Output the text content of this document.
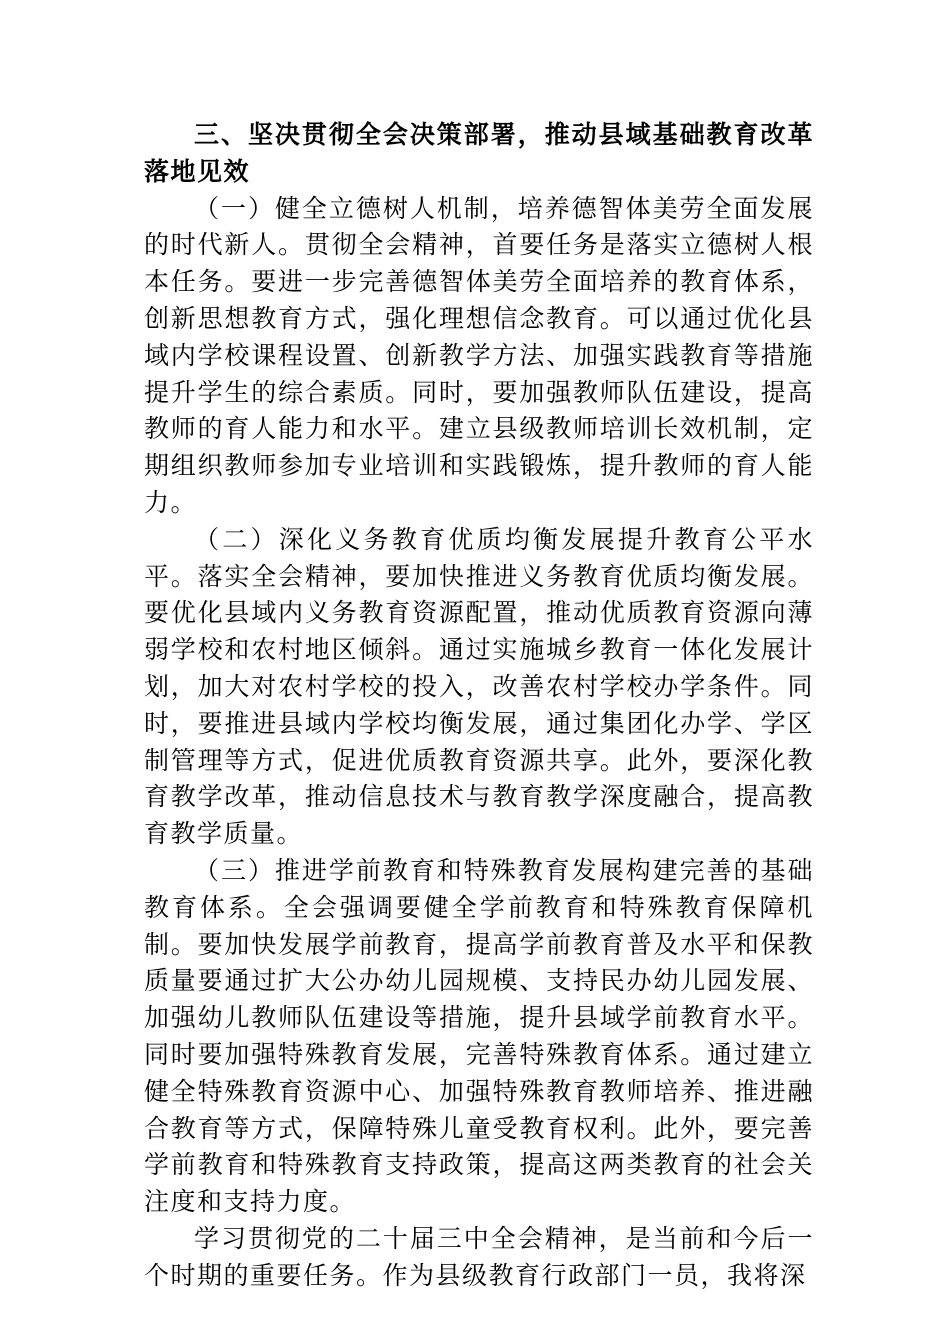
三、坚决贯彻全会决策部署，推动县域基础教育改革落地见效

（一）健全立德树人机制，培养德智体美劳全面发展的时代新人。贯彻全会精神，首要任务是落实立德树人根本任务。要进一步完善德智体美劳全面培养的教育体系，创新思想教育方式，强化理想信念教育。可以通过优化县域内学校课程设置、创新教学方法、加强实践教育等措施提升学生的综合素质。同时，要加强教师队伍建设，提高教师的育人能力和水平。建立县级教师培训长效机制，定期组织教师参加专业培训和实践锻炼，提升教师的育人能力。

（二）深化义务教育优质均衡发展提升教育公平水平。落实全会精神，要加快推进义务教育优质均衡发展。要优化县域内义务教育资源配置，推动优质教育资源向薄弱学校和农村地区倾斜。通过实施城乡教育一体化发展计划，加大对农村学校的投入，改善农村学校办学条件。同时，要推进县域内学校均衡发展，通过集团化办学、学区制管理等方式，促进优质教育资源共享。此外，要深化教育教学改革，推动信息技术与教育教学深度融合，提高教育教学质量。

（三）推进学前教育和特殊教育发展构建完善的基础教育体系。全会强调要健全学前教育和特殊教育保障机制。要加快发展学前教育，提高学前教育普及水平和保教质量要通过扩大公办幼儿园规模、支持民办幼儿园发展、加强幼儿教师队伍建设等措施，提升县域学前教育水平。同时要加强特殊教育发展，完善特殊教育体系。通过建立健全特殊教育资源中心、加强特殊教育教师培养、推进融合教育等方式，保障特殊儿童受教育权利。此外，要完善学前教育和特殊教育支持政策，提高这两类教育的社会关注度和支持力度。

学习贯彻党的二十届三中全会精神，是当前和今后一个时期的重要任务。作为县级教育行政部门一员，我将深
